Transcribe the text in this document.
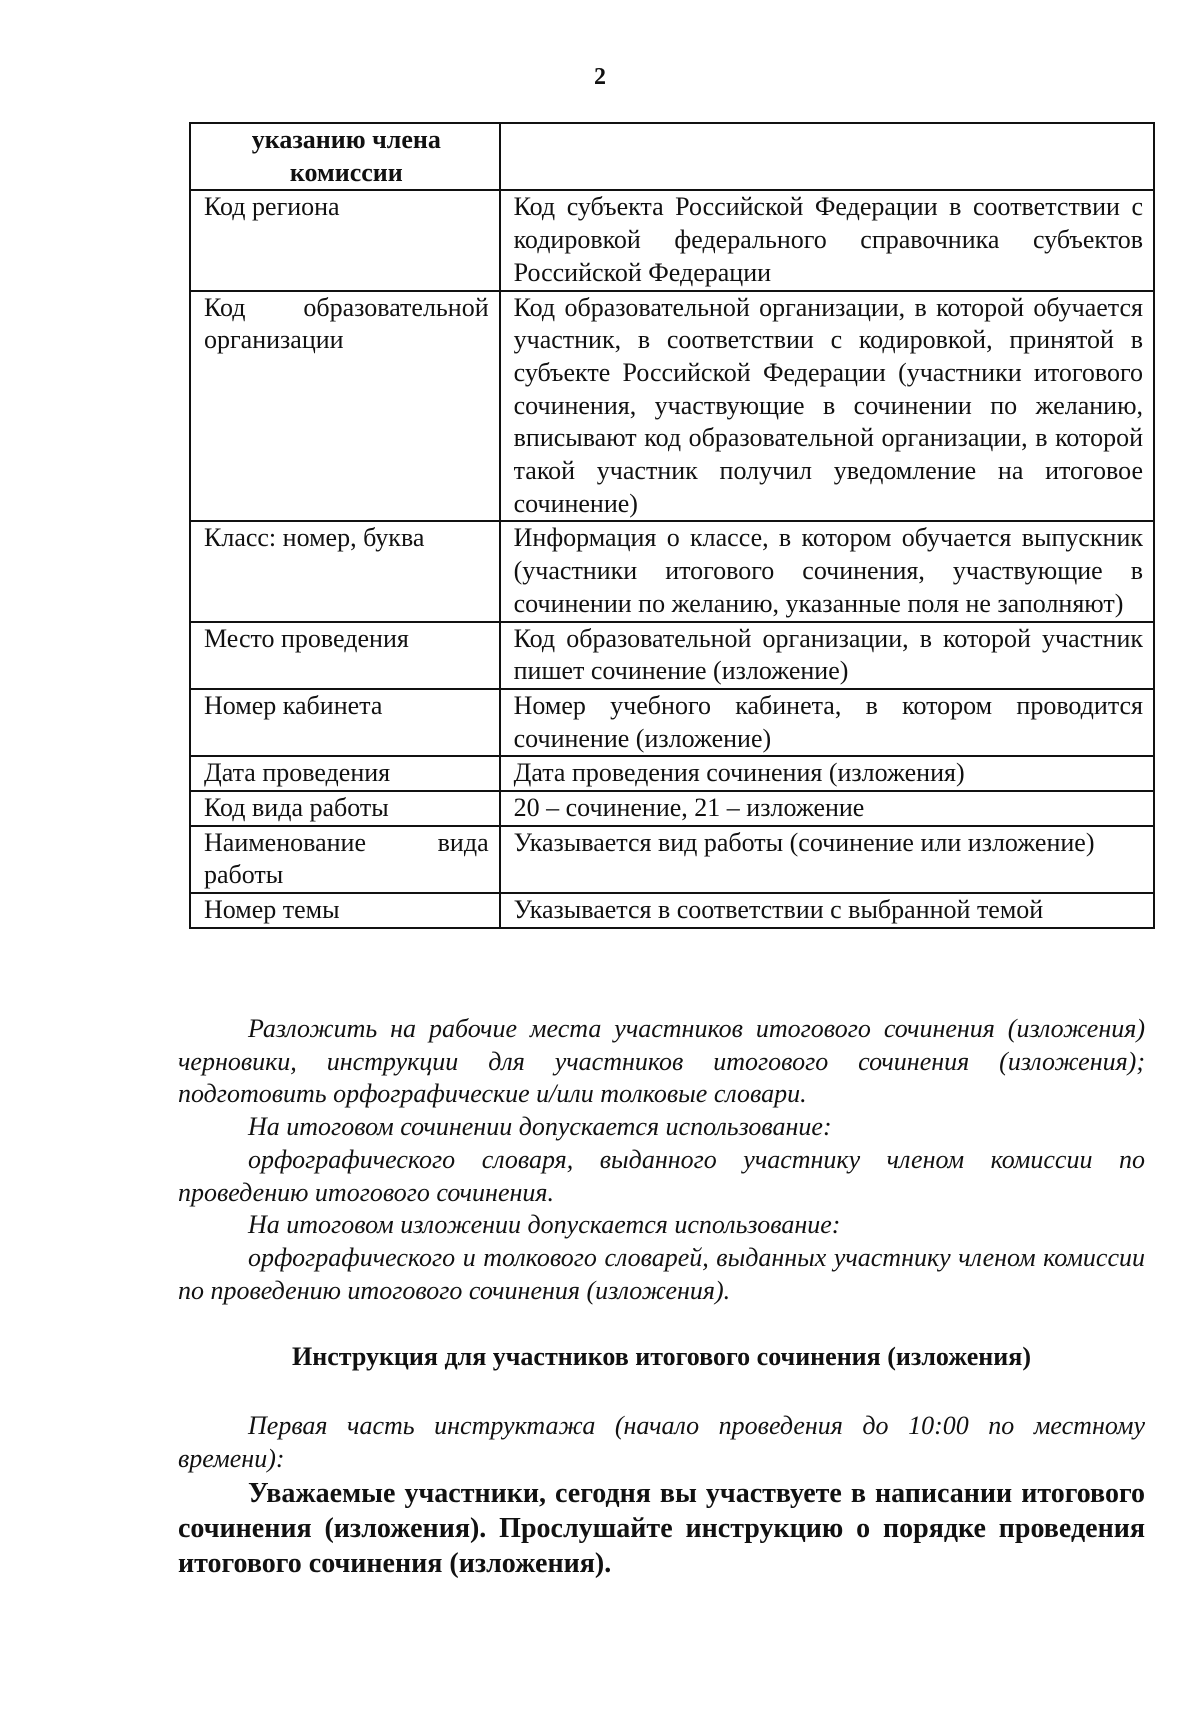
2
указанию члена комиссии	

Код региона	Код субъекта Российской Федерации в соответствии с кодировкой федерального справочника субъектов Российской Федерации
Код образовательной организации	Код образовательной организации, в которой обучается участник, в соответствии с кодировкой, принятой в субъекте Российской Федерации (участники итогового сочинения, участвующие в сочинении по желанию, вписывают код образовательной организации, в которой такой участник получил уведомление на итоговое сочинение)
Класс: номер, буква	Информация о классе, в котором обучается выпускник (участники итогового сочинения, участвующие в сочинении по желанию, указанные поля не заполняют)
Место проведения	Код образовательной организации, в которой участник пишет сочинение (изложение)
Номер кабинета	Номер учебного кабинета, в котором проводится сочинение (изложение)
Дата проведения	Дата проведения сочинения (изложения)
Код вида работы	20 – сочинение, 21 – изложение
Наименование вида работы	Указывается вид работы (сочинение или изложение)
Номер темы	Указывается в соответствии с выбранной темой

Разложить на рабочие места участников итогового сочинения (изложения) черновики, инструкции для участников итогового сочинения (изложения); подготовить орфографические и/или толковые словари.

На итоговом сочинении допускается использование:

орфографического словаря, выданного участнику членом комиссии по проведению итогового сочинения.

На итоговом изложении допускается использование:

орфографического и толкового словарей, выданных участнику членом комиссии по проведению итогового сочинения (изложения).

Инструкция для участников итогового сочинения (изложения)

Первая часть инструктажа (начало проведения до 10:00 по местному времени):

Уважаемые участники, сегодня вы участвуете в написании итогового сочинения (изложения). Прослушайте инструкцию о порядке проведения итогового сочинения (изложения).
